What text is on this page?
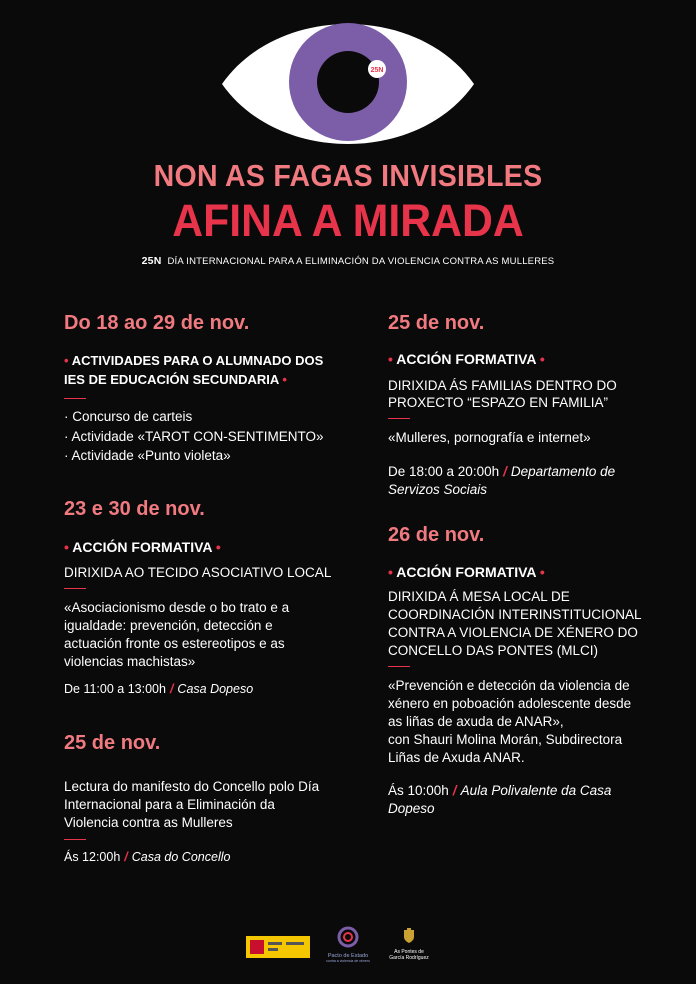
25N
NON AS FAGAS INVISIBLES
AFINA A MIRADA
25N DÍA INTERNACIONAL PARA A ELIMINACIÓN DA VIOLENCIA CONTRA AS MULLERES
Do 18 ao 29 de nov.
• ACTIVIDADES PARA O ALUMNADO DOS
IES DE EDUCACIÓN SECUNDARIA •
· Concurso de carteis
· Actividade «TAROT CON-SENTIMENTO»
· Actividade «Punto violeta»
23 e 30 de nov.
• ACCIÓN FORMATIVA •
DIRIXIDA AO TECIDO ASOCIATIVO LOCAL
«Asociacionismo desde o bo trato e a
igualdade: prevención, detección e
actuación fronte os estereotipos e as
violencias machistas»
De 11:00 a 13:00h / Casa Dopeso
25 de nov.
Lectura do manifesto do Concello polo Día
Internacional para a Eliminación da
Violencia contra as Mulleres
Ás 12:00h / Casa do Concello
25 de nov.
• ACCIÓN FORMATIVA •
DIRIXIDA ÁS FAMILIAS DENTRO DO
PROXECTO “ESPAZO EN FAMILIA”
«Mulleres, pornografía e internet»
De 18:00 a 20:00h / Departamento de
Servizos Sociais
26 de nov.
• ACCIÓN FORMATIVA •
DIRIXIDA Á MESA LOCAL DE
COORDINACIÓN INTERINSTITUCIONAL
CONTRA A VIOLENCIA DE XÉNERO DO
CONCELLO DAS PONTES (MLCI)
«Prevención e detección da violencia de
xénero en poboación adolescente desde
as liñas de axuda de ANAR»,
con Shauri Molina Morán, Subdirectora
Liñas de Axuda ANAR.
Ás 10:00h / Aula Polivalente da Casa
Dopeso
Pacto de Estado
contra a violencia de xénero
As Pontes de
García Rodríguez
